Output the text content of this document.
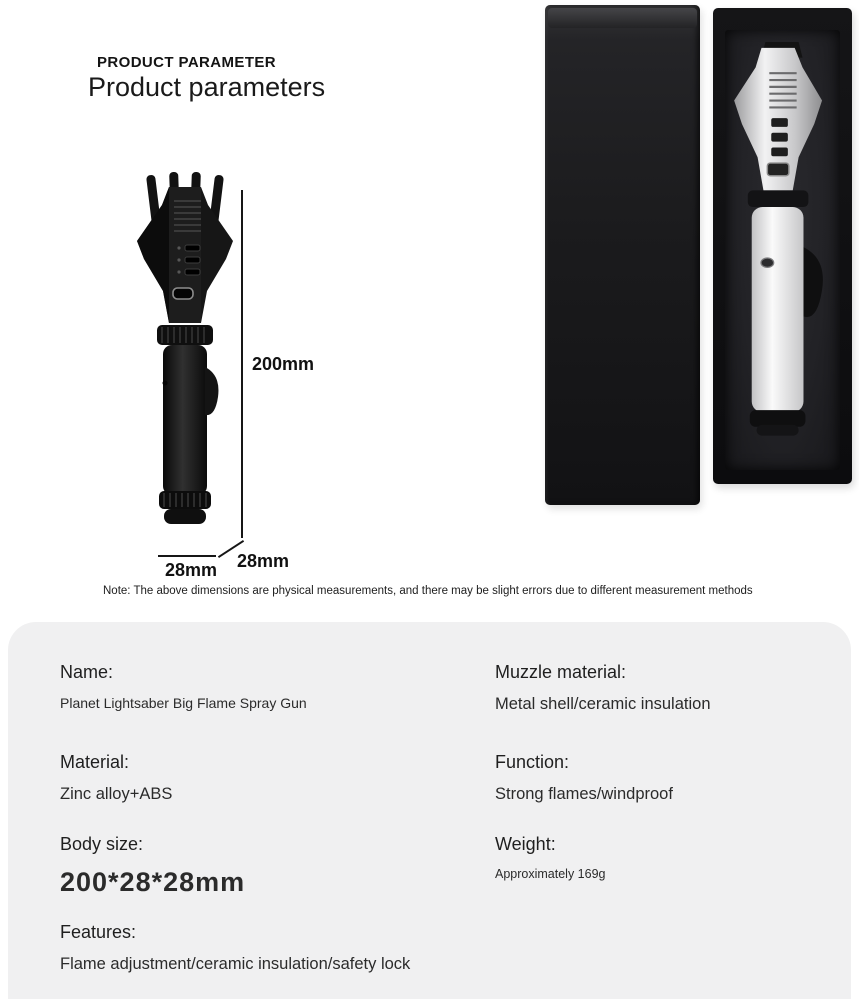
PRODUCT PARAMETER
Product parameters
200mm
28mm 28mm
Note: The above dimensions are physical measurements, and there may be slight errors due to different measurement methods
Name:
Planet Lightsaber Big Flame Spray Gun
Material:
Zinc alloy+ABS
Body size:
200*28*28mm
Features:
Flame adjustment/ceramic insulation/safety lock
Muzzle material:
Metal shell/ceramic insulation
Function:
Strong flames/windproof
Weight:
Approximately 169g
